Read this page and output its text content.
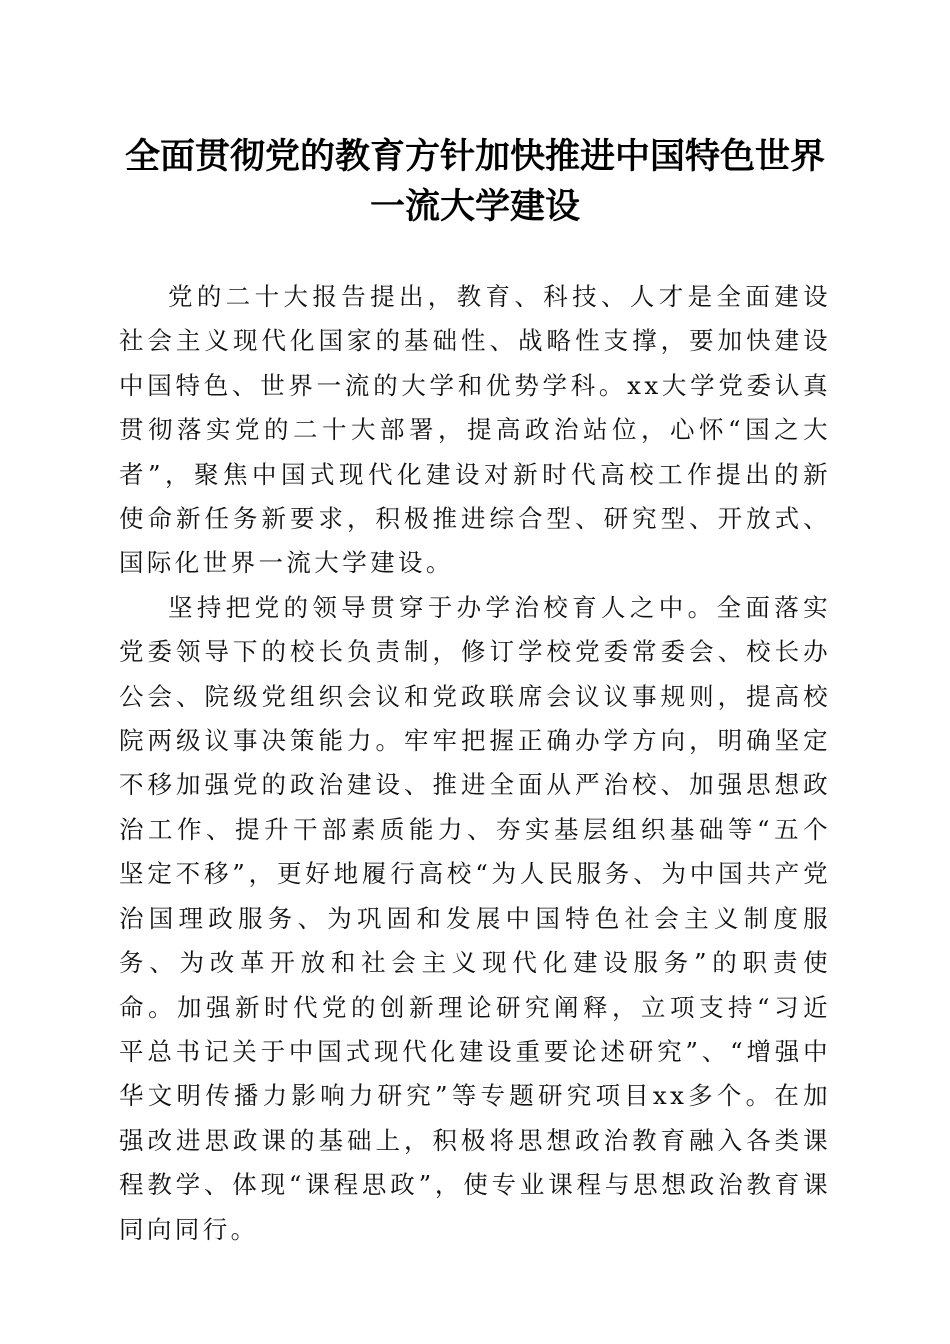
全面贯彻党的教育方针加快推进中国特色世界
一流大学建设

党的二十大报告提出，教育、科技、人才是全面建设社会主义现代化国家的基础性、战略性支撑，要加快建设中国特色、世界一流的大学和优势学科。xx大学党委认真贯彻落实党的二十大部署，提高政治站位，心怀“国之大者”，聚焦中国式现代化建设对新时代高校工作提出的新使命新任务新要求，积极推进综合型、研究型、开放式、国际化世界一流大学建设。

坚持把党的领导贯穿于办学治校育人之中。全面落实党委领导下的校长负责制，修订学校党委常委会、校长办公会、院级党组织会议和党政联席会议议事规则，提高校院两级议事决策能力。牢牢把握正确办学方向，明确坚定不移加强党的政治建设、推进全面从严治校、加强思想政治工作、提升干部素质能力、夯实基层组织基础等“五个坚定不移”，更好地履行高校“为人民服务、为中国共产党治国理政服务、为巩固和发展中国特色社会主义制度服务、为改革开放和社会主义现代化建设服务”的职责使命。加强新时代党的创新理论研究阐释，立项支持“习近平总书记关于中国式现代化建设重要论述研究”、“增强中华文明传播力影响力研究”等专题研究项目xx多个。在加强改进思政课的基础上，积极将思想政治教育融入各类课程教学、体现“课程思政”，使专业课程与思想政治教育课同向同行。
